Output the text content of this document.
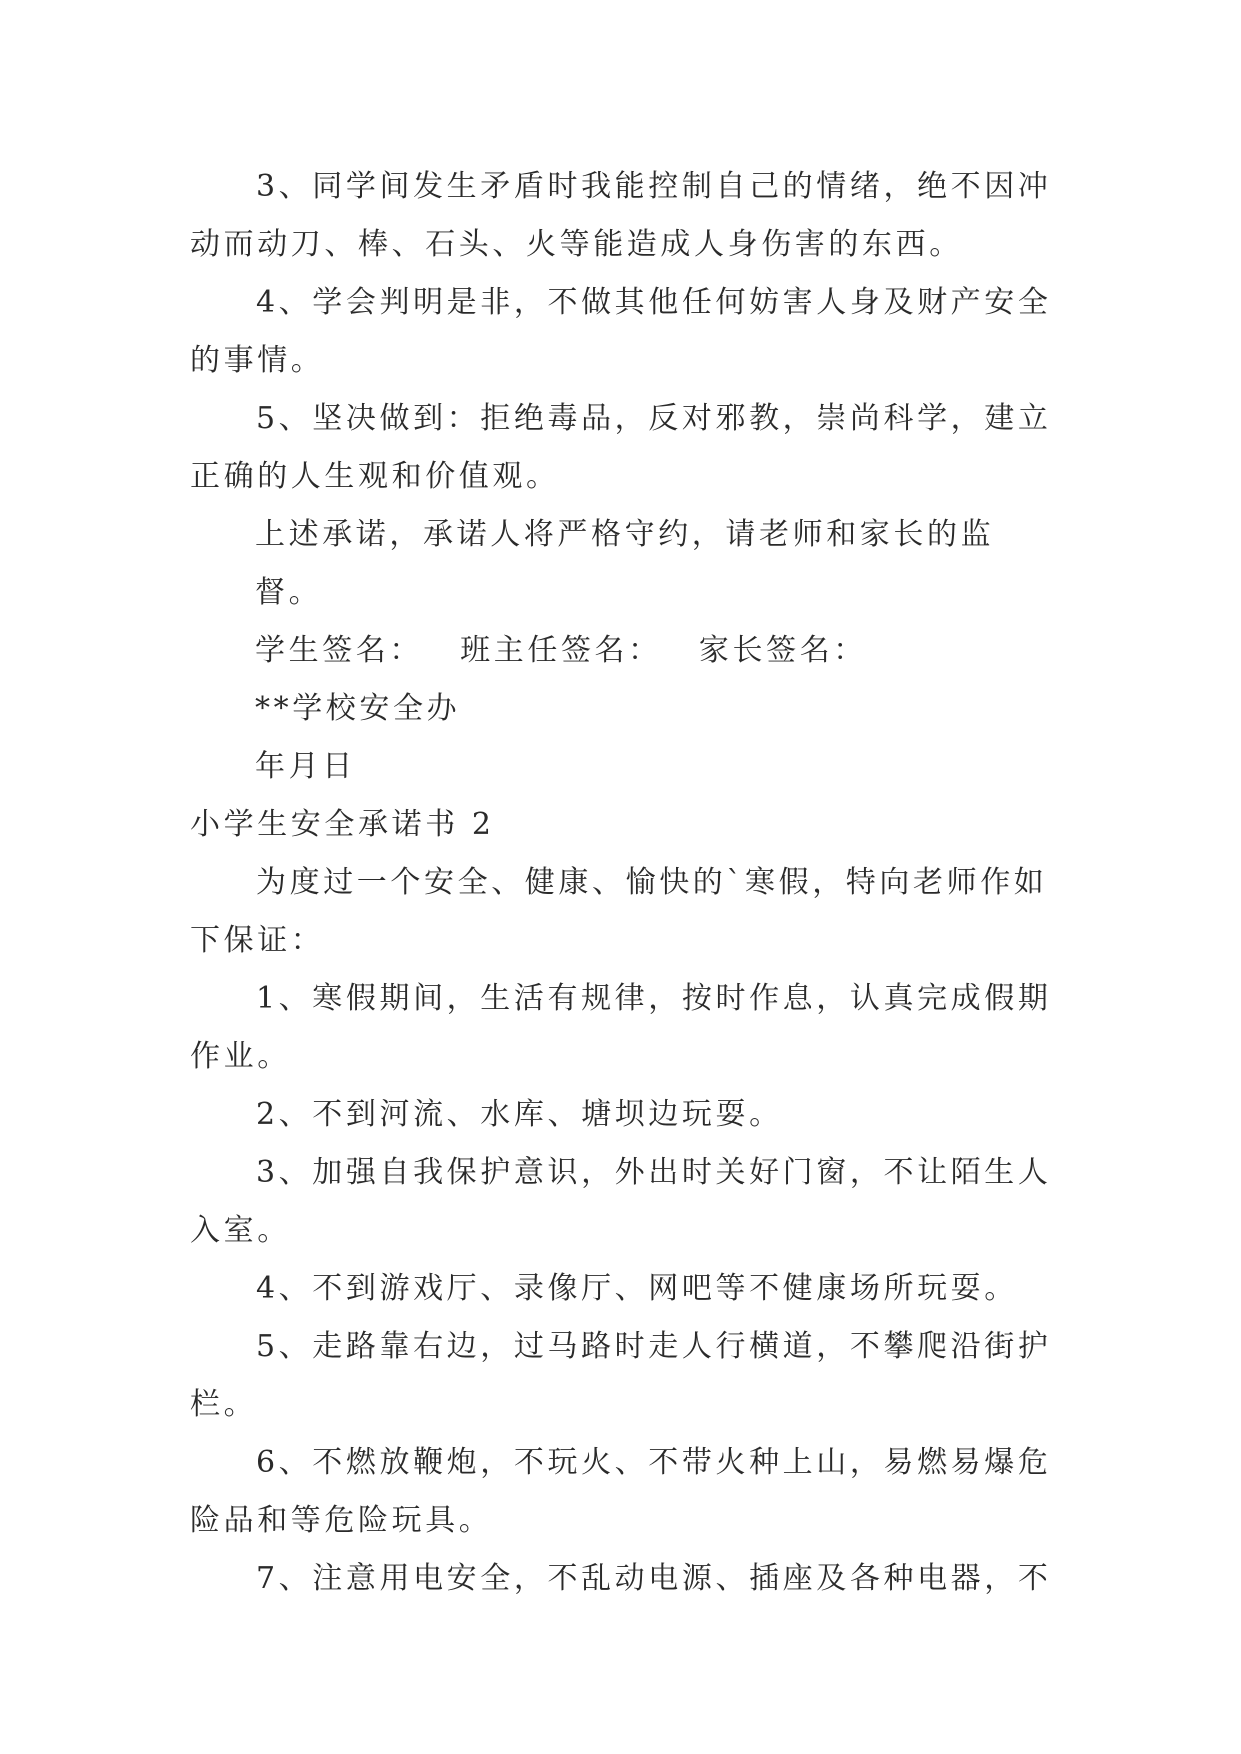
3、同学间发生矛盾时我能控制自己的情绪，绝不因冲动而动刀、棒、石头、火等能造成人身伤害的东西。

4、学会判明是非，不做其他任何妨害人身及财产安全的事情。

5、坚决做到：拒绝毒品，反对邪教，崇尚科学，建立正确的人生观和价值观。

上述承诺，承诺人将严格守约，请老师和家长的监督。

学生签名： 班主任签名： 家长签名：

**学校安全办

年月日

小学生安全承诺书 2

为度过一个安全、健康、愉快的`寒假，特向老师作如下保证：

1、寒假期间，生活有规律，按时作息，认真完成假期作业。

2、不到河流、水库、塘坝边玩耍。

3、加强自我保护意识，外出时关好门窗，不让陌生人入室。

4、不到游戏厅、录像厅、网吧等不健康场所玩耍。

5、走路靠右边，过马路时走人行横道，不攀爬沿街护栏。

6、不燃放鞭炮，不玩火、不带火种上山，易燃易爆危险品和等危险玩具。

7、注意用电安全，不乱动电源、插座及各种电器，不
